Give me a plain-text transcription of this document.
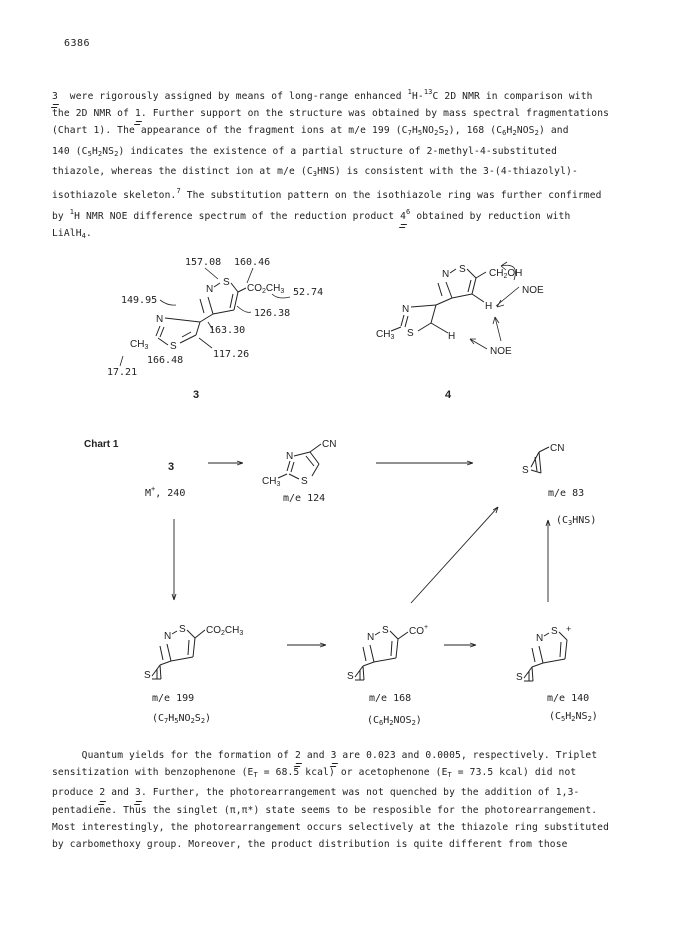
6386
3 were rigorously assigned by means of long-range enhanced $^1$H-$^{13}$C 2D NMR in comparison with
the 2D NMR of 1. Further support on the structure was obtained by mass spectral fragmentations
(Chart 1). The appearance of the fragment ions at m/e 199 $(C_7H_5NO_2S_2)$, 168 $(C_6H_2NOS_2)$ and
140 $(C_5H_2NS_2)$ indicates the existence of a partial structure of 2-methyl-4-substituted
thiazole, whereas the distinct ion at m/e $(C_3HNS)$ is consistent with the 3-(4-thiazolyl)-
isothiazole skeleton.$^7$ The substitution pattern on the isothiazole ring was further confirmed
by $^1$H NMR NOE difference spectrum of the reduction product $4^6$ obtained by reduction with
LiAlH$_4$.
N
S
$CO_2CH_3$
N
S
$CH_3$
157.08 160.46
52.74
149.95
126.38
163.30
117.26
166.48
17.21
3
N S $CH_2OH$
H
N
S	H
$CH_3$
NOE
NOE
4
Chart 1
3
M+, 240
N
S
CN
$CH_3$
m/e 124
S
CN
m/e 83
$(C_3HNS)$
N
S $CO_2CH_3$
S
m/e 199
$(C_7H_5NO_2S_2)$
N
S CO+
S
m/e 168
$(C_6H_2NOS_2)$
N
S +
S
m/e 140
$(C_5H_2NS_2)$
Quantum yields for the formation of 2 and 3 are 0.023 and 0.0005, respectively. Triplet
sensitization with benzophenone ($E_T = 68.5$ kcal) or acetophenone ($E_T = 73.5$ kcal) did not
produce 2 and 3. Further, the photorearrangement was not quenched by the addition of 1,3-
pentadiene. Thus the singlet (π,π*) state seems to be resposible for the photorearrangement.
Most interestingly, the photorearrangement occurs selectively at the thiazole ring substituted
by carbomethoxy group. Moreover, the product distribution is quite different from those
